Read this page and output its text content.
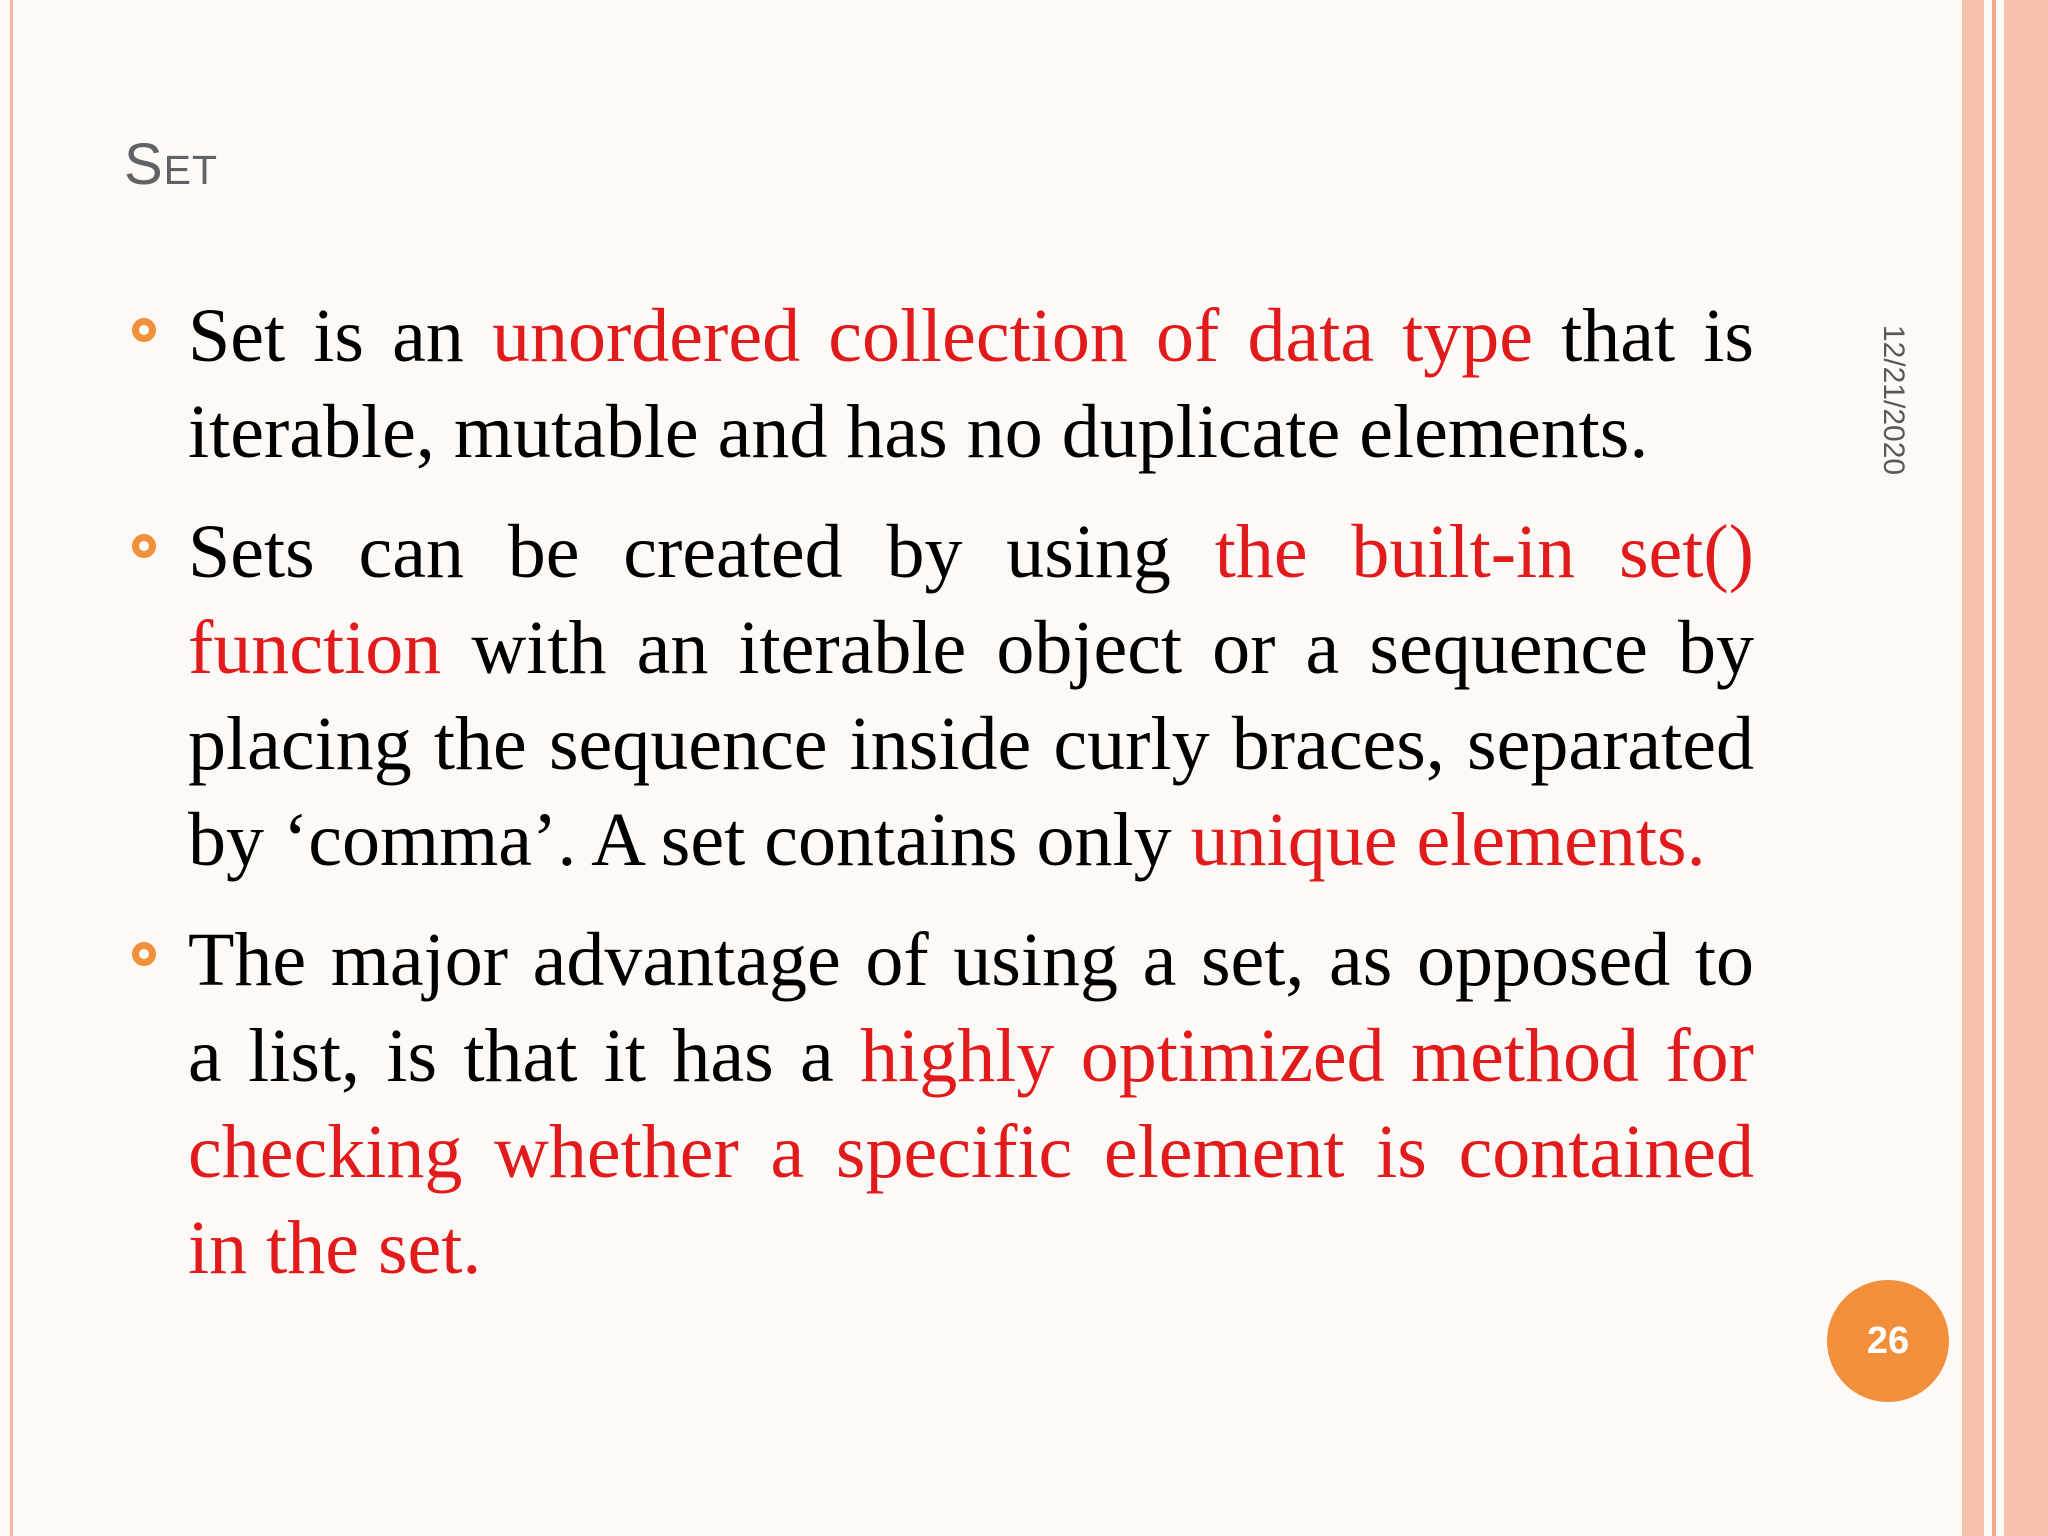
Set
Set is an unordered collection of data type that is iterable, mutable and has no duplicate elements.
Sets can be created by using the built-in set() function with an iterable object or a sequence by placing the sequence inside curly braces, separated by ‘comma’. A set contains only unique elements.
The major advantage of using a set, as opposed to a list, is that it has a highly optimized method for checking whether a specific element is contained in the set.
12/21/2020
26
